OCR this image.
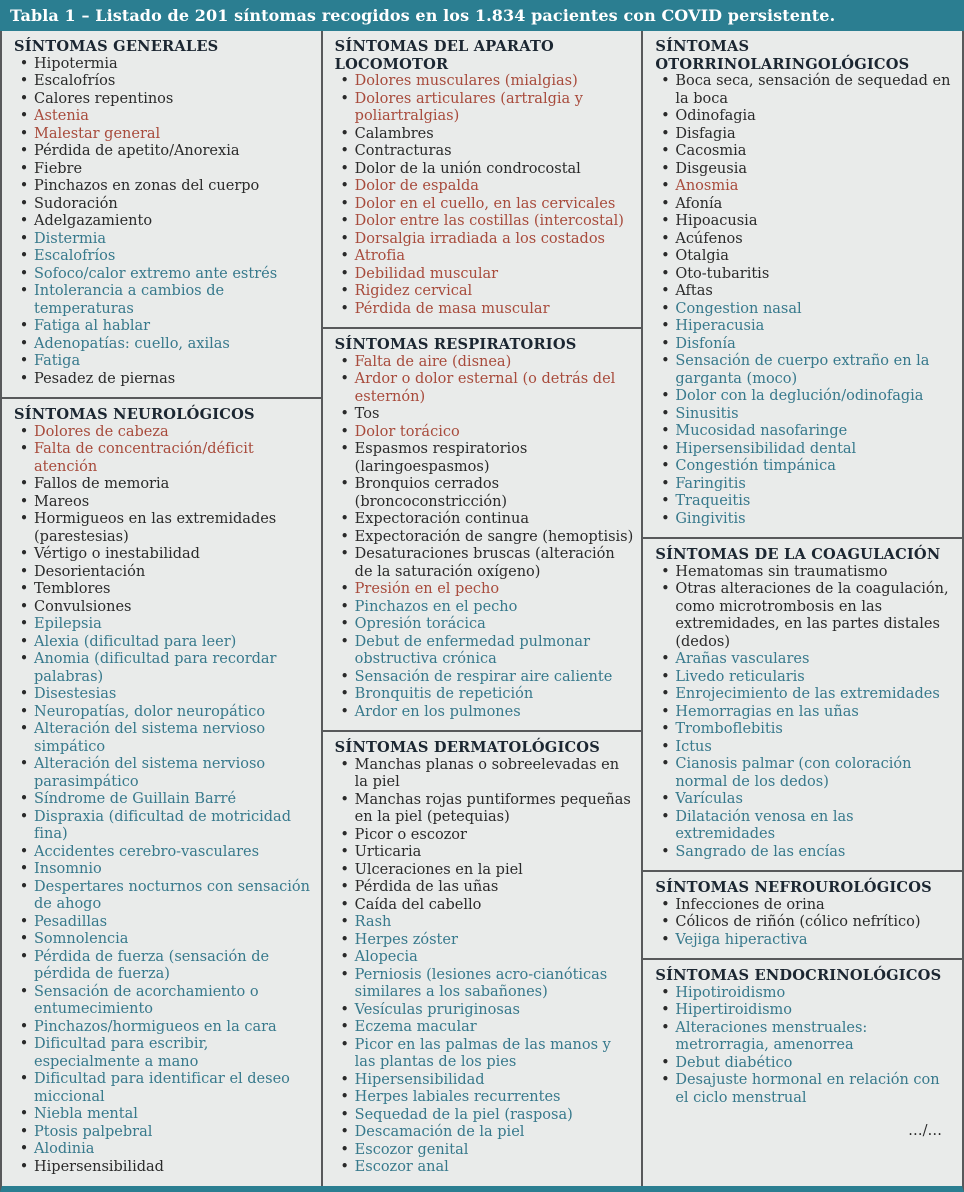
Tabla 1 – Listado de 201 síntomas recogidos en los 1.834 pacientes con COVID persistente.
SÍNTOMAS GENERALES
• Hipotermia
• Escalofríos
• Calores repentinos
• Astenia
• Malestar general
• Pérdida de apetito/Anorexia
• Fiebre
• Pinchazos en zonas del cuerpo
• Sudoración
• Adelgazamiento
• Distermia
• Escalofríos
• Sofoco/calor extremo ante estrés
• Intolerancia a cambios de temperaturas
• Fatiga al hablar
• Adenopatías: cuello, axilas
• Fatiga
• Pesadez de piernas
SÍNTOMAS NEUROLÓGICOS
• Dolores de cabeza
• Falta de concentración/déficit atención
• Fallos de memoria
• Mareos
• Hormigueos en las extremidades (parestesias)
• Vértigo o inestabilidad
• Desorientación
• Temblores
• Convulsiones
• Epilepsia
• Alexia (dificultad para leer)
• Anomia (dificultad para recordar palabras)
• Disestesias
• Neuropatías, dolor neuropático
• Alteración del sistema nervioso simpático
• Alteración del sistema nervioso parasimpático
• Síndrome de Guillain Barré
• Dispraxia (dificultad de motricidad fina)
• Accidentes cerebro-vasculares
• Insomnio
• Despertares nocturnos con sensación de ahogo
• Pesadillas
• Somnolencia
• Pérdida de fuerza (sensación de pérdida de fuerza)
• Sensación de acorchamiento o entumecimiento
• Pinchazos/hormigueos en la cara
• Dificultad para escribir, especialmente a mano
• Dificultad para identificar el deseo miccional
• Niebla mental
• Ptosis palpebral
• Alodinia
• Hipersensibilidad
SÍNTOMAS DEL APARATO LOCOMOTOR
• Dolores musculares (mialgias)
• Dolores articulares (artralgia y poliartralgias)
• Calambres
• Contracturas
• Dolor de la unión condrocostal
• Dolor de espalda
• Dolor en el cuello, en las cervicales
• Dolor entre las costillas (intercostal)
• Dorsalgia irradiada a los costados
• Atrofia
• Debilidad muscular
• Rigidez cervical
• Pérdida de masa muscular
SÍNTOMAS RESPIRATORIOS
• Falta de aire (disnea)
• Ardor o dolor esternal (o detrás del esternón)
• Tos
• Dolor torácico
• Espasmos respiratorios (laringoespasmos)
• Bronquios cerrados (broncoconstricción)
• Expectoración continua
• Expectoración de sangre (hemoptisis)
• Desaturaciones bruscas (alteración de la saturación oxígeno)
• Presión en el pecho
• Pinchazos en el pecho
• Opresión torácica
• Debut de enfermedad pulmonar obstructiva crónica
• Sensación de respirar aire caliente
• Bronquitis de repetición
• Ardor en los pulmones
SÍNTOMAS DERMATOLÓGICOS
• Manchas planas o sobreelevadas en la piel
• Manchas rojas puntiformes pequeñas en la piel (petequias)
• Picor o escozor
• Urticaria
• Ulceraciones en la piel
• Pérdida de las uñas
• Caída del cabello
• Rash
• Herpes zóster
• Alopecia
• Perniosis (lesiones acro-cianóticas similares a los sabañones)
• Vesículas pruriginosas
• Eczema macular
• Picor en las palmas de las manos y las plantas de los pies
• Hipersensibilidad
• Herpes labiales recurrentes
• Sequedad de la piel (rasposa)
• Descamación de la piel
• Escozor genital
• Escozor anal
SÍNTOMAS OTORRINOLARINGOLÓGICOS
• Boca seca, sensación de sequedad en la boca
• Odinofagia
• Disfagia
• Cacosmia
• Disgeusia
• Anosmia
• Afonía
• Hipoacusia
• Acúfenos
• Otalgia
• Oto-tubaritis
• Aftas
• Congestion nasal
• Hiperacusia
• Disfonía
• Sensación de cuerpo extraño en la garganta (moco)
• Dolor con la deglución/odinofagia
• Sinusitis
• Mucosidad nasofaringe
• Hipersensibilidad dental
• Congestión timpánica
• Faringitis
• Traqueitis
• Gingivitis
SÍNTOMAS DE LA COAGULACIÓN
• Hematomas sin traumatismo
• Otras alteraciones de la coagulación, como microtrombosis en las extremidades, en las partes distales (dedos)
• Arañas vasculares
• Livedo reticularis
• Enrojecimiento de las extremidades
• Hemorragias en las uñas
• Tromboflebitis
• Ictus
• Cianosis palmar (con coloración normal de los dedos)
• Varículas
• Dilatación venosa en las extremidades
• Sangrado de las encías
SÍNTOMAS NEFROUROLÓGICOS
• Infecciones de orina
• Cólicos de riñón (cólico nefrítico)
• Vejiga hiperactiva
SÍNTOMAS ENDOCRINOLÓGICOS
• Hipotiroidismo
• Hipertiroidismo
• Alteraciones menstruales: metrorragia, amenorrea
• Debut diabético
• Desajuste hormonal en relación con el ciclo menstrual
…/…
